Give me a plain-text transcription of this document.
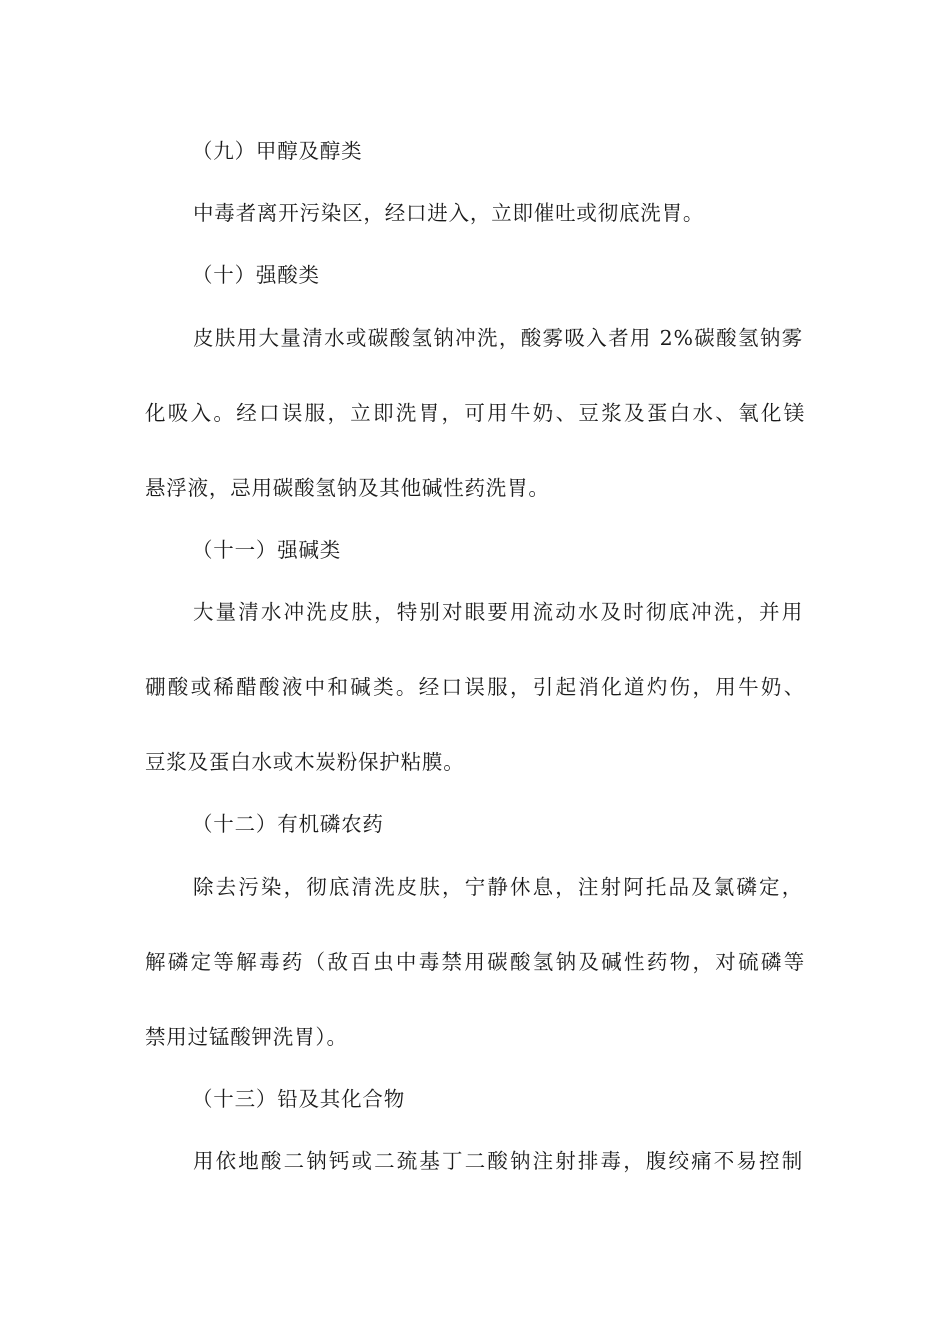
（九）甲醇及醇类
中毒者离开污染区，经口进入，立即催吐或彻底洗胃。
（十）强酸类
皮肤用大量清水或碳酸氢钠冲洗，酸雾吸入者用 2%碳酸氢钠雾
化吸入。经口误服，立即洗胃，可用牛奶、豆浆及蛋白水、氧化镁
悬浮液，忌用碳酸氢钠及其他碱性药洗胃。
（十一）强碱类
大量清水冲洗皮肤，特别对眼要用流动水及时彻底冲洗，并用
硼酸或稀醋酸液中和碱类。经口误服，引起消化道灼伤，用牛奶、
豆浆及蛋白水或木炭粉保护粘膜。
（十二）有机磷农药
除去污染，彻底清洗皮肤，宁静休息，注射阿托品及氯磷定，
解磷定等解毒药（敌百虫中毒禁用碳酸氢钠及碱性药物，对硫磷等
禁用过锰酸钾洗胃）。
（十三）铅及其化合物
用依地酸二钠钙或二巯基丁二酸钠注射排毒，腹绞痛不易控制
